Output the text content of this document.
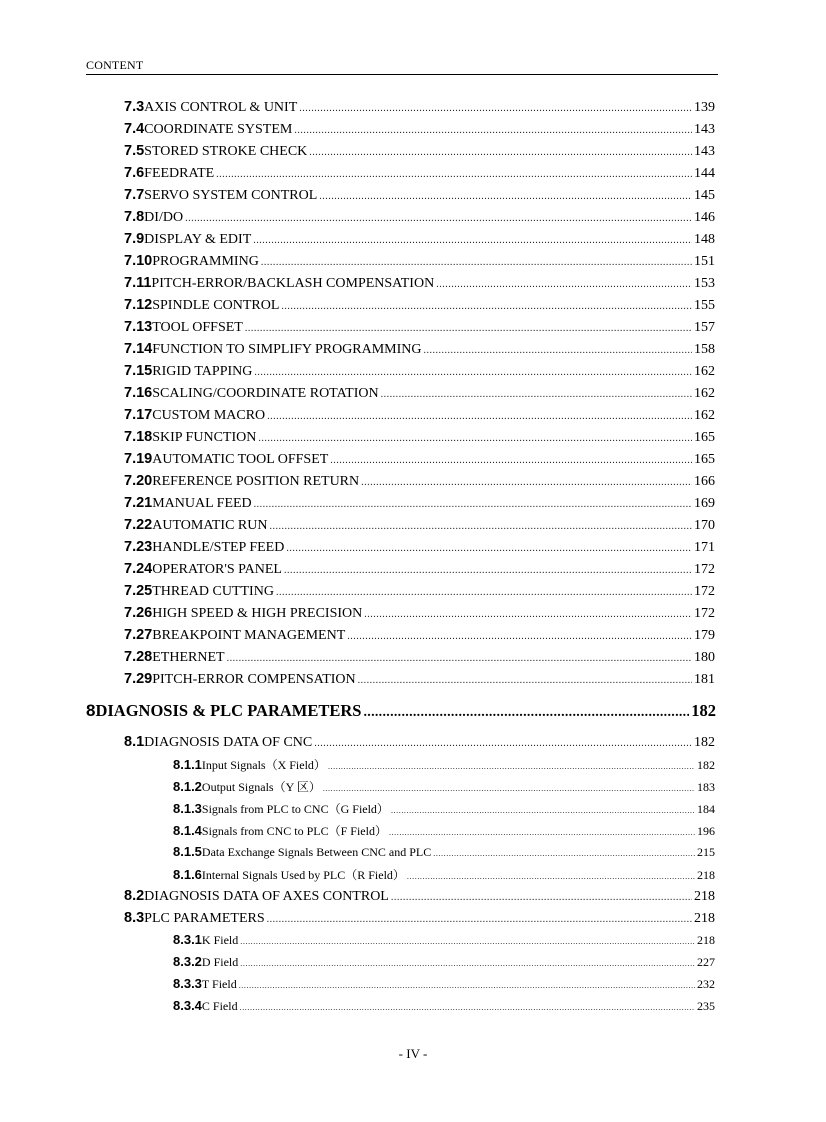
CONTENT
7.3 AXIS CONTROL & UNIT .....	139
7.4 COORDINATE SYSTEM .....	143
7.5 STORED STROKE CHECK .....	143
7.6 FEEDRATE .....	144
7.7 SERVO SYSTEM CONTROL .....	145
7.8 DI/DO .....	146
7.9 DISPLAY & EDIT .....	148
7.10 PROGRAMMING .....	151
7.11 PITCH-ERROR/BACKLASH COMPENSATION .....	153
7.12 SPINDLE CONTROL .....	155
7.13 TOOL OFFSET .....	157
7.14 FUNCTION TO SIMPLIFY PROGRAMMING .....	158
7.15 RIGID TAPPING .....	162
7.16 SCALING/COORDINATE ROTATION .....	162
7.17 CUSTOM MACRO .....	162
7.18 SKIP FUNCTION .....	165
7.19 AUTOMATIC TOOL OFFSET .....	165
7.20 REFERENCE POSITION RETURN .....	166
7.21 MANUAL FEED .....	169
7.22 AUTOMATIC RUN .....	170
7.23 HANDLE/STEP FEED .....	171
7.24 OPERATOR'S PANEL .....	172
7.25 THREAD CUTTING .....	172
7.26 HIGH SPEED & HIGH PRECISION .....	172
7.27 BREAKPOINT MANAGEMENT .....	179
7.28 ETHERNET .....	180
7.29 PITCH-ERROR COMPENSATION .....	181
8 DIAGNOSIS & PLC PARAMETERS .....	182
8.1 DIAGNOSIS DATA OF CNC .....	182
8.1.1 Input Signals（X Field） .....	182
8.1.2 Output Signals（Y 区） .....	183
8.1.3 Signals from PLC to CNC（G Field） .....	184
8.1.4 Signals from CNC to PLC（F Field） .....	196
8.1.5 Data Exchange Signals Between CNC and PLC .....	215
8.1.6 Internal Signals Used by PLC（R Field） .....	218
8.2 DIAGNOSIS DATA OF AXES CONTROL .....	218
8.3 PLC PARAMETERS .....	218
8.3.1 K Field .....	218
8.3.2 D Field .....	227
8.3.3 T Field .....	232
8.3.4 C Field .....	235
- IV -
